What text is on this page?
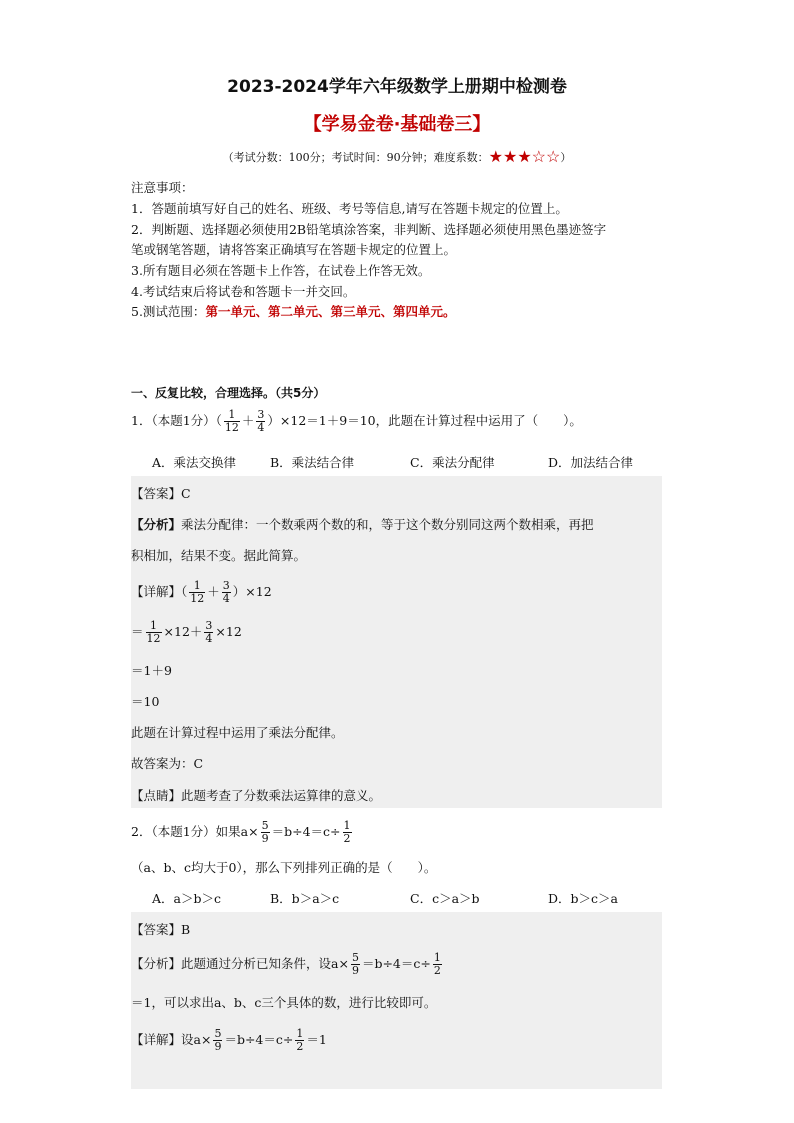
2023-2024学年六年级数学上册期中检测卷
【学易金卷·基础卷三】
（考试分数：100分；考试时间：90分钟；难度系数：★★★☆☆）
注意事项：
1．答题前填写好自己的姓名、班级、考号等信息,请写在答题卡规定的位置上。
2．判断题、选择题必须使用2B铅笔填涂答案，非判断、选择题必须使用黑色墨迹签字
笔或钢笔答题，请将答案正确填写在答题卡规定的位置上。
3.所有题目必须在答题卡上作答，在试卷上作答无效。
4.考试结束后将试卷和答题卡一并交回。
5.测试范围：第一单元、第二单元、第三单元、第四单元。
一、反复比较，合理选择。（共5分）
1．（本题1分）（ $\frac{1}{12} + \frac{3}{4} )\times 12=1+9=10$，此题在计算过程中运用了（　　）。
A．乘法交换律	B．乘法结合律	C．乘法分配律	D．加法结合律
【答案】C
【分析】乘法分配律：一个数乘两个数的和，等于这个数分别同这两个数相乘，再把
积相加，结果不变。据此简算。
【详解】（ $\frac{1}{12} + \frac{3}{4} )\times 12$
＝ $\frac{1}{12} \times 12+ \frac{3}{4} \times 12$
＝1＋9
＝10
此题在计算过程中运用了乘法分配律。
故答案为：C
【点睛】此题考查了分数乘法运算律的意义。
2．（本题1分）如果$a\times \frac{5}{9} =b\div 4=c\div \frac{1}{2}$
（a、b、c均大于0），那么下列排列正确的是（　　）。
A．a＞b＞c	B．b＞a＞c	C．c＞a＞b	D．b＞c＞a
【答案】B
【分析】此题通过分析已知条件，设$a\times \frac{5}{9} =b\div 4=c\div \frac{1}{2}$
＝1，可以求出a、b、c三个具体的数，进行比较即可。
【详解】设$a\times \frac{5}{9} =b\div 4=c\div \frac{1}{2} =1$
